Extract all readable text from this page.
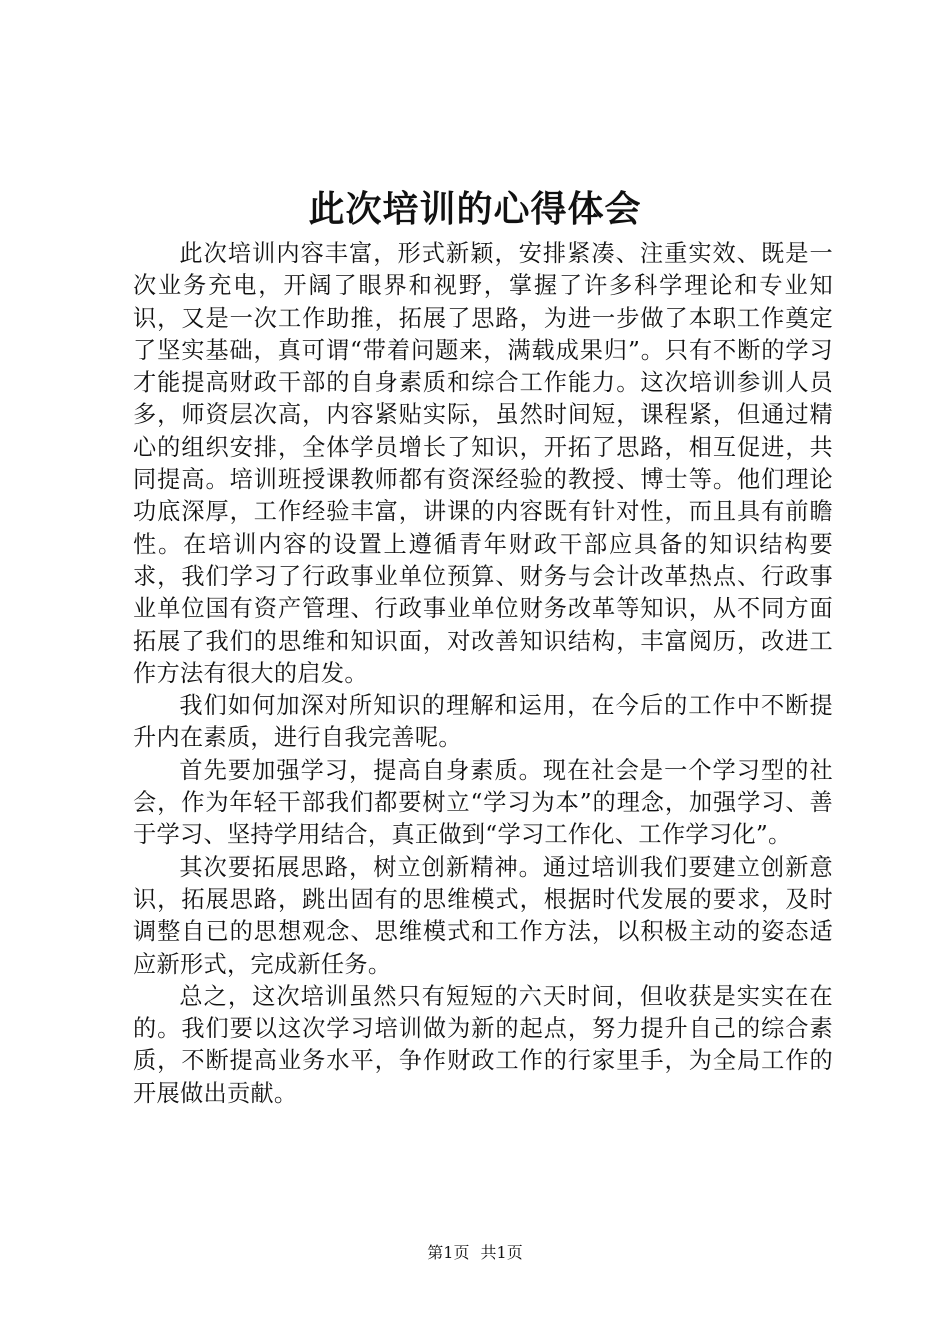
此次培训的心得体会

此次培训内容丰富，形式新颖，安排紧凑、注重实效、既是一次业务充电，开阔了眼界和视野，掌握了许多科学理论和专业知识，又是一次工作助推，拓展了思路，为进一步做了本职工作奠定了坚实基础，真可谓“带着问题来，满载成果归”。只有不断的学习才能提高财政干部的自身素质和综合工作能力。这次培训参训人员多，师资层次高，内容紧贴实际，虽然时间短，课程紧，但通过精心的组织安排，全体学员增长了知识，开拓了思路，相互促进，共同提高。培训班授课教师都有资深经验的教授、博士等。他们理论功底深厚，工作经验丰富，讲课的内容既有针对性，而且具有前瞻性。在培训内容的设置上遵循青年财政干部应具备的知识结构要求，我们学习了行政事业单位预算、财务与会计改革热点、行政事业单位国有资产管理、行政事业单位财务改革等知识，从不同方面拓展了我们的思维和知识面，对改善知识结构，丰富阅历，改进工作方法有很大的启发。

我们如何加深对所知识的理解和运用，在今后的工作中不断提升内在素质，进行自我完善呢。

首先要加强学习，提高自身素质。现在社会是一个学习型的社会，作为年轻干部我们都要树立“学习为本”的理念，加强学习、善于学习、坚持学用结合，真正做到“学习工作化、工作学习化”。

其次要拓展思路，树立创新精神。通过培训我们要建立创新意识，拓展思路，跳出固有的思维模式，根据时代发展的要求，及时调整自已的思想观念、思维模式和工作方法，以积极主动的姿态适应新形式，完成新任务。

总之，这次培训虽然只有短短的六天时间，但收获是实实在在的。我们要以这次学习培训做为新的起点，努力提升自己的综合素质，不断提高业务水平，争作财政工作的行家里手，为全局工作的开展做出贡献。

第1页 共1页
